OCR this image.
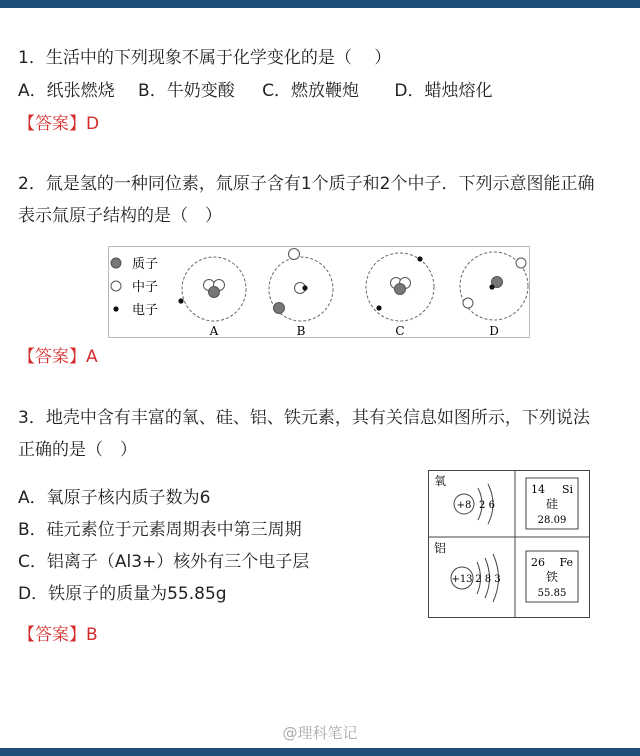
1．生活中的下列现象不属于化学变化的是（　 ）
A．纸张燃烧 B．牛奶变酸 C．燃放鞭炮 D．蜡烛熔化
【答案】D
2．氚是氢的一种同位素，氚原子含有1个质子和2个中子．下列示意图能正确
表示氚原子结构的是（　）
质子
中子
电子
A	B	C	D
【答案】A
3．地壳中含有丰富的氧、硅、铝、铁元素，其有关信息如图所示，下列说法
正确的是（　）
A．氧原子核内质子数为6
B．硅元素位于元素周期表中第三周期
C．铝离子（Al3+）核外有三个电子层
D．铁原子的质量为55.85g
氧
+8 2 6
铝
+13 2 8 3
14 Si
硅
28.09
26 Fe
铁
55.85
【答案】B
@理科笔记
